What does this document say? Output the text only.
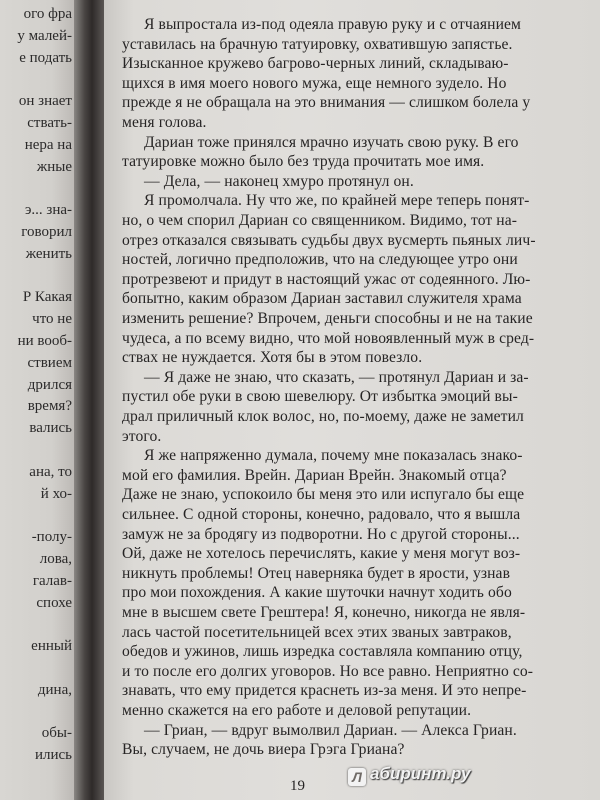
ого фра
у малей-
е подать
он знает
ствать-
нера на
жные
э... зна-
говорил
женить
Р Какая
что не
ни вооб-
ствием
дрился
время?
вались
ана, то
й хо-
-полу-
лова,
галав-
спохе
енный
дина,
обы-
ились
Я выпростала из-под одеяла правую руку и с отчаянием
уставилась на брачную татуировку, охватившую запястье.
Изысканное кружево багрово-черных линий, складываю-
щихся в имя моего нового мужа, еще немного зудело. Но
прежде я не обращала на это внимания — слишком болела у
меня голова.
Дариан тоже принялся мрачно изучать свою руку. В его
татуировке можно было без труда прочитать мое имя.
— Дела, — наконец хмуро протянул он.
Я промолчала. Ну что же, по крайней мере теперь понят-
но, о чем спорил Дариан со священником. Видимо, тот на-
отрез отказался связывать судьбы двух вусмерть пьяных лич-
ностей, логично предположив, что на следующее утро они
протрезвеют и придут в настоящий ужас от содеянного. Лю-
бопытно, каким образом Дариан заставил служителя храма
изменить решение? Впрочем, деньги способны и не на такие
чудеса, а по всему видно, что мой новоявленный муж в сред-
ствах не нуждается. Хотя бы в этом повезло.
— Я даже не знаю, что сказать, — протянул Дариан и за-
пустил обе руки в свою шевелюру. От избытка эмоций вы-
драл приличный клок волос, но, по-моему, даже не заметил
этого.
Я же напряженно думала, почему мне показалась знако-
мой его фамилия. Врейн. Дариан Врейн. Знакомый отца?
Даже не знаю, успокоило бы меня это или испугало бы еще
сильнее. С одной стороны, конечно, радовало, что я вышла
замуж не за бродягу из подворотни. Но с другой стороны...
Ой, даже не хотелось перечислять, какие у меня могут воз-
никнуть проблемы! Отец наверняка будет в ярости, узнав
про мои похождения. А какие шуточки начнут ходить обо
мне в высшем свете Грештера! Я, конечно, никогда не явля-
лась частой посетительницей всех этих званых завтраков,
обедов и ужинов, лишь изредка составляла компанию отцу,
и то после его долгих уговоров. Но все равно. Неприятно со-
знавать, что ему придется краснеть из-за меня. И это непре-
менно скажется на его работе и деловой репутации.
— Гриан, — вдруг вымолвил Дариан. — Алекса Гриан.
Вы, случаем, не дочь виера Грэга Гриана?
19
Л абиринт.ру
